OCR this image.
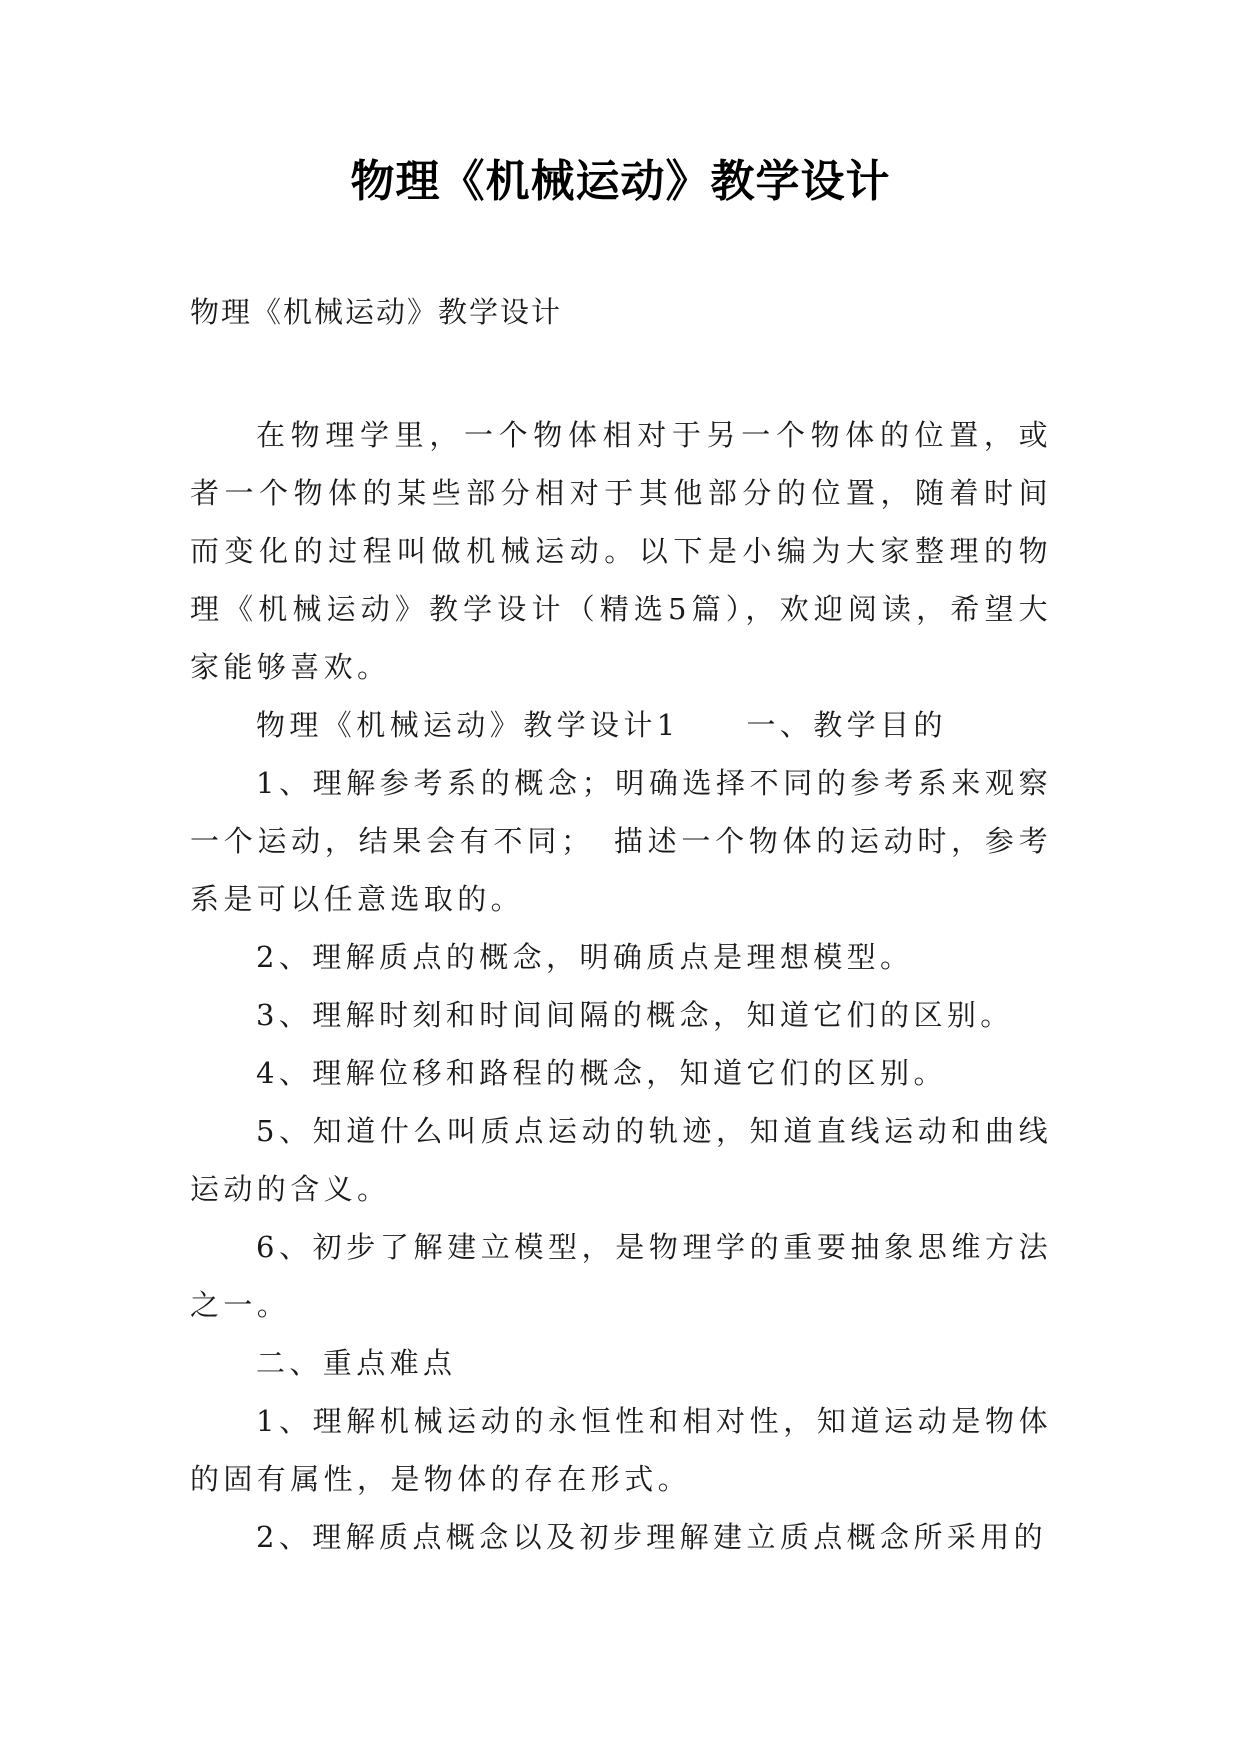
物理《机械运动》教学设计

物理《机械运动》教学设计

在物理学里，一个物体相对于另一个物体的位置，或者一个物体的某些部分相对于其他部分的位置，随着时间而变化的过程叫做机械运动。以下是小编为大家整理的物理《机械运动》教学设计（精选5篇），欢迎阅读，希望大家能够喜欢。

物理《机械运动》教学设计1　　一、教学目的

1、理解参考系的概念；明确选择不同的参考系来观察一个运动，结果会有不同；　描述一个物体的运动时，参考系是可以任意选取的。

2、理解质点的概念，明确质点是理想模型。

3、理解时刻和时间间隔的概念，知道它们的区别。

4、理解位移和路程的概念，知道它们的区别。

5、知道什么叫质点运动的轨迹，知道直线运动和曲线运动的含义。

6、初步了解建立模型，是物理学的重要抽象思维方法之一。

二、重点难点

1、理解机械运动的永恒性和相对性，知道运动是物体的固有属性，是物体的存在形式。

2、理解质点概念以及初步理解建立质点概念所采用的
